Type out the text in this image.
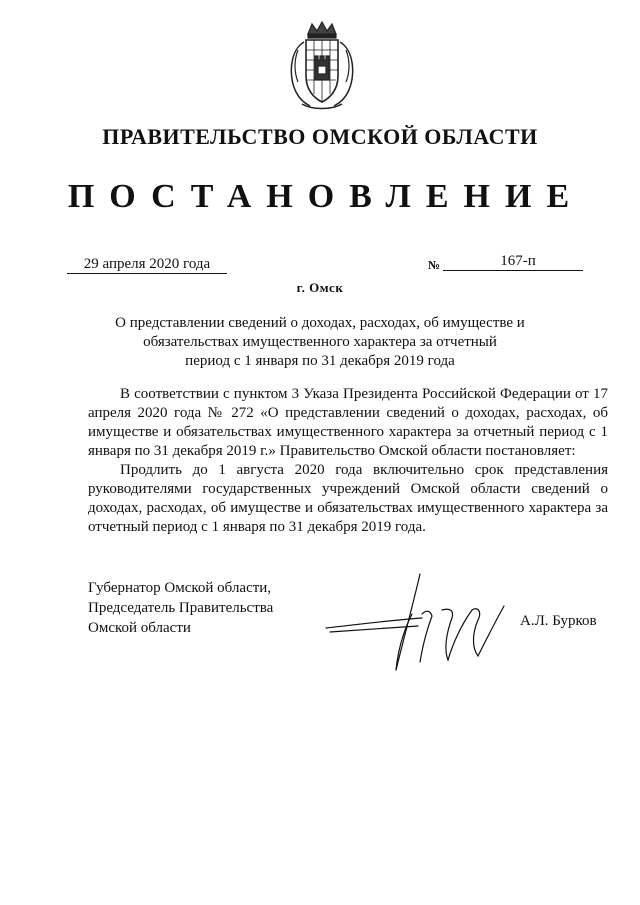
ПРАВИТЕЛЬСТВО ОМСКОЙ ОБЛАСТИ
ПОСТАНОВЛЕНИЕ
29 апреля 2020 года	№	167-п
г. Омск
О представлении сведений о доходах, расходах, об имуществе и
обязательствах имущественного характера за отчетный
период с 1 января по 31 декабря 2019 года

В соответствии с пунктом 3 Указа Президента Российской Федерации от 17 апреля 2020 года № 272 «О представлении сведений о доходах, расходах, об имуществе и обязательствах имущественного характера за отчетный период с 1 января по 31 декабря 2019 г.» Правительство Омской области постановляет:

Продлить до 1 августа 2020 года включительно срок представления руководителями государственных учреждений Омской области сведений о доходах, расходах, об имуществе и обязательствах имущественного характера за отчетный период с 1 января по 31 декабря 2019 года.

Губернатор Омской области,
Председатель Правительства
Омской области	А.Л. Бурков
